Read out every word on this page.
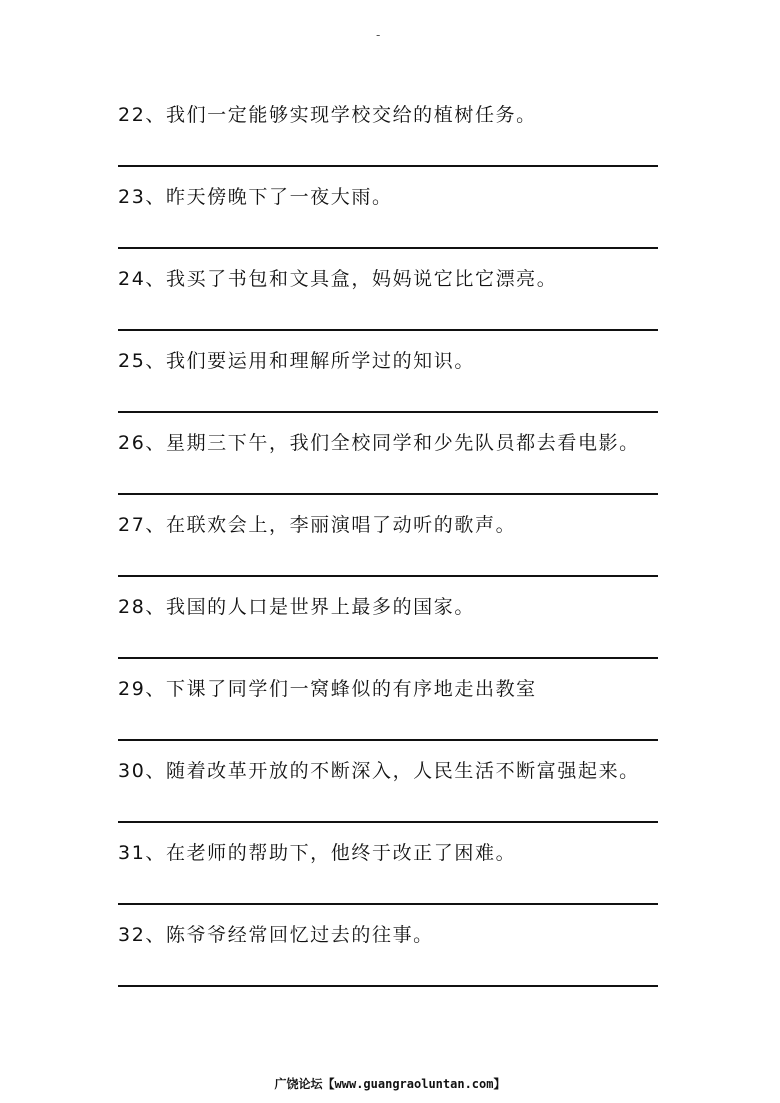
-
22、我们一定能够实现学校交给的植树任务。
23、昨天傍晚下了一夜大雨。
24、我买了书包和文具盒，妈妈说它比它漂亮。
25、我们要运用和理解所学过的知识。
26、星期三下午，我们全校同学和少先队员都去看电影。
27、在联欢会上，李丽演唱了动听的歌声。
28、我国的人口是世界上最多的国家。
29、下课了同学们一窝蜂似的有序地走出教室
30、随着改革开放的不断深入，人民生活不断富强起来。
31、在老师的帮助下，他终于改正了困难。
32、陈爷爷经常回忆过去的往事。
广饶论坛【www.guangraoluntan.com】
